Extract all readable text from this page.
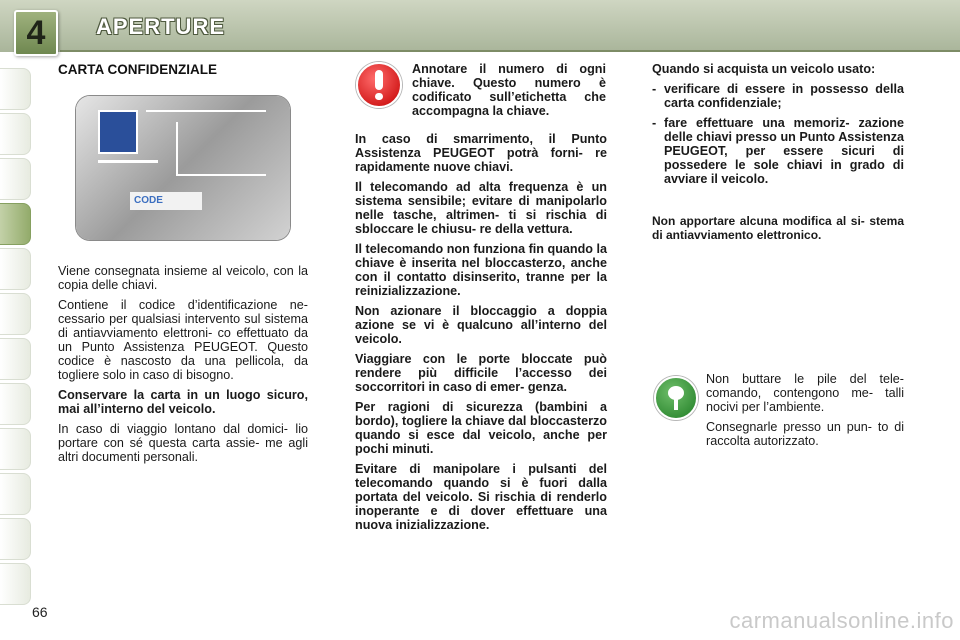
4	APERTURE
CARTA CONFIDENZIALE
CODE

Viene consegnata insieme al veicolo, con la copia delle chiavi.

Contiene il codice d’identificazione ne- cessario per qualsiasi intervento sul sistema di antiavviamento elettroni- co effettuato da un Punto Assistenza PEUGEOT. Questo codice è nascosto da una pellicola, da togliere solo in caso di bisogno.

Conservare la carta in un luogo sicuro, mai all’interno del veicolo.

In caso di viaggio lontano dal domici- lio portare con sé questa carta assie- me agli altri documenti personali.

Annotare il numero di ogni chiave. Questo numero è codificato sull’etichetta che accompagna la chiave.

In caso di smarrimento, il Punto Assistenza PEUGEOT potrà forni- re rapidamente nuove chiavi.

Il telecomando ad alta frequenza è un sistema sensibile; evitare di manipolarlo nelle tasche, altrimen- ti si rischia di sbloccare le chiusu- re della vettura.

Il telecomando non funziona fin quando la chiave è inserita nel bloccasterzo, anche con il contatto disinserito, tranne per la reinizializzazione.

Non azionare il bloccaggio a doppia azione se vi è qualcuno all’interno del veicolo.

Viaggiare con le porte bloccate può rendere più difficile l’accesso dei soccorritori in caso di emer- genza.

Per ragioni di sicurezza (bambini a bordo), togliere la chiave dal bloccasterzo quando si esce dal veicolo, anche per pochi minuti.

Evitare di manipolare i pulsanti del telecomando quando si è fuori dalla portata del veicolo. Si rischia di renderlo inoperante e di dover effettuare una nuova inizializzazione.

Quando si acquista un veicolo usato:

- verificare di essere in possesso della carta confidenziale;

- fare effettuare una memoriz- zazione delle chiavi presso un Punto Assistenza PEUGEOT, per essere sicuri di possedere le sole chiavi in grado di avviare il veicolo.

Non apportare alcuna modifica al si- stema di antiavviamento elettronico.

Non buttare le pile del tele- comando, contengono me- talli nocivi per l’ambiente.

Consegnarle presso un pun- to di raccolta autorizzato.

66	carmanualsonline.info
